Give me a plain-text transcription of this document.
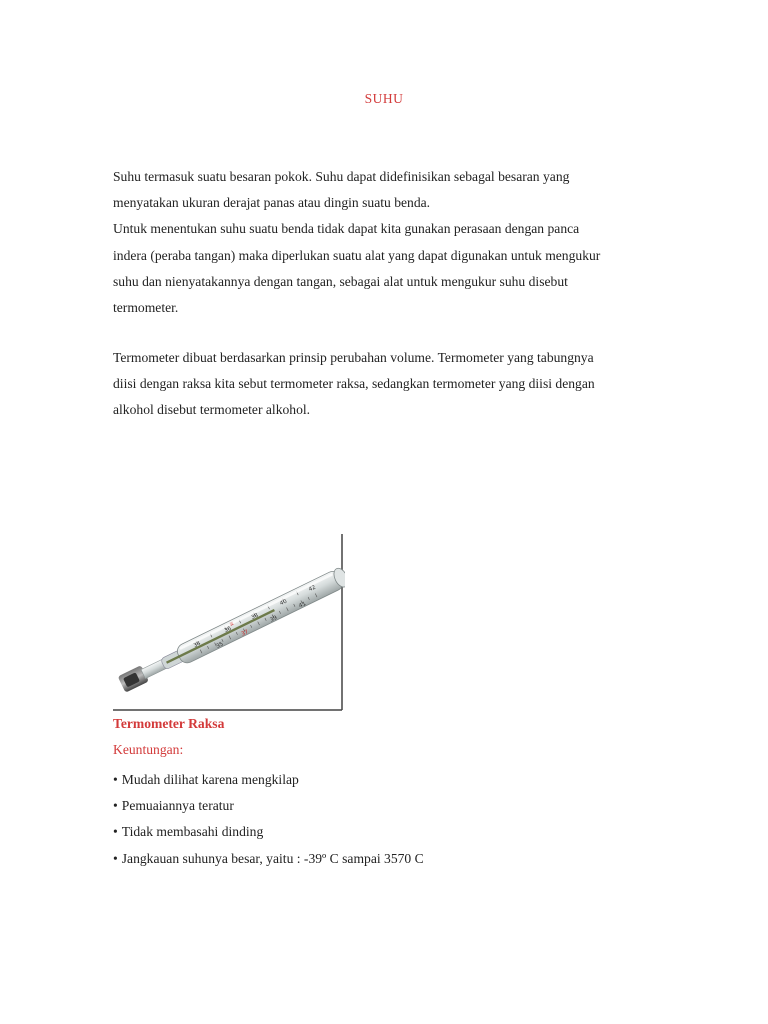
SUHU

Suhu termasuk suatu besaran pokok. Suhu dapat didefinisikan sebagal besaran yang
menyatakan ukuran derajat panas atau dingin suatu benda.
Untuk menentukan suhu suatu benda tidak dapat kita gunakan perasaan dengan panca
indera (peraba tangan) maka diperlukan suatu alat yang dapat digunakan untuk mengukur
suhu dan nienyatakannya dengan tangan, sebagai alat untuk mengukur suhu disebut
termometer.

Termometer dibuat berdasarkan prinsip perubahan volume. Termometer yang tabungnya
diisi dengan raksa kita sebut termometer raksa, sedangkan termometer yang diisi dengan
alkohol disebut termometer alkohol.

34 35
36 37
38 39
40 41
42
Termometer Raksa
Keuntungan:
• Mudah dilihat karena mengkilap
• Pemuaiannya teratur
• Tidak membasahi dinding
• Jangkauan suhunya besar, yaitu : -39º C sampai 3570 C
